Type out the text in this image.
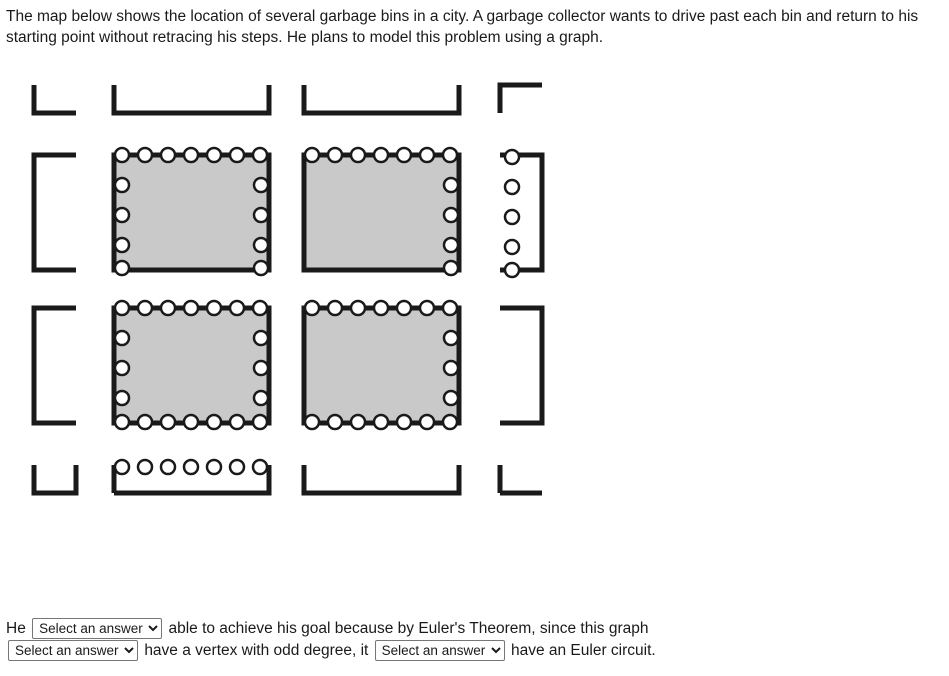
The map below shows the location of several garbage bins in a city. A garbage collector wants to drive past each bin and return to his starting point without retracing his steps. He plans to model this problem using a graph.
He
Select an answer	able to achieve his goal because by Euler's Theorem, since this graph

Select an answer have a vertex with odd degree, it
Select an answer	have an Euler circuit.
